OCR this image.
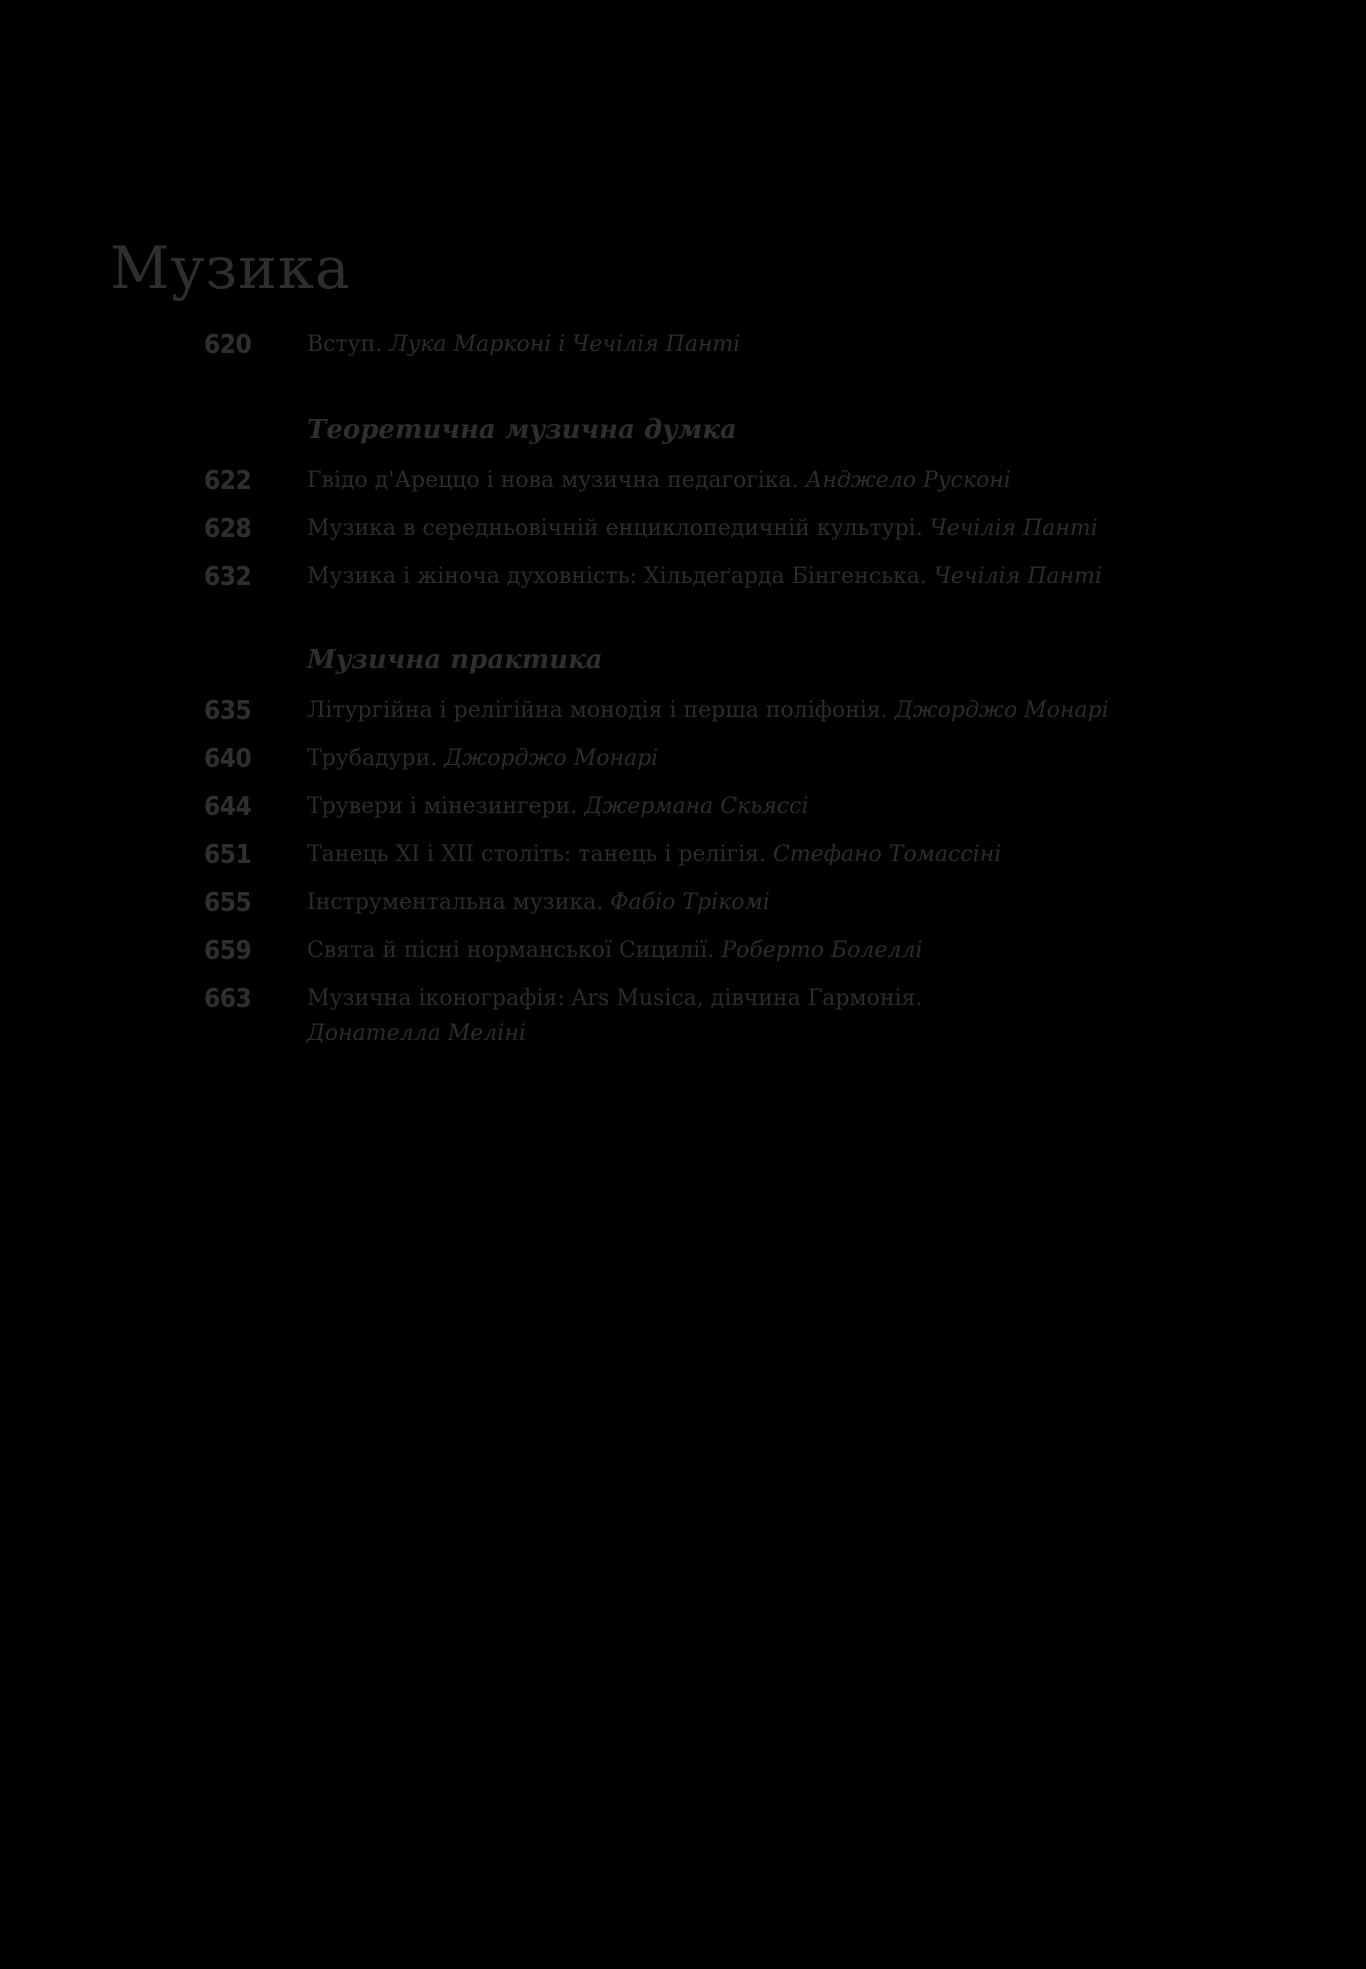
Музика
620	Вступ. Лука Марконі і Чечілія Панті
Теоретична музична думка
622	Гвідо д'Ареццо і нова музична педагогіка. Анджело Рускoні
628	Музика в середньовічній енциклопедичній культурі. Чечілія Панті
632	Музика і жіноча духовність: Хільдеґарда Бінгенська. Чечілія Панті
Музична практика
635	Літургійна і релігійна монодія і перша поліфонія. Джорджо Монарі
640	Трубадури. Джорджо Монарі
644	Трувери і мінезингери. Джермана Скьяссі
651	Танець XI і XII століть: танець і релігія. Стефано Томассіні
655	Інструментальна музика. Фабіо Трікомі
659	Свята й пісні норманської Сицилії. Роберто Болеллі
663	Музична іконографія: Ars Musica, дівчина Гармонія.
Донателла Меліні
